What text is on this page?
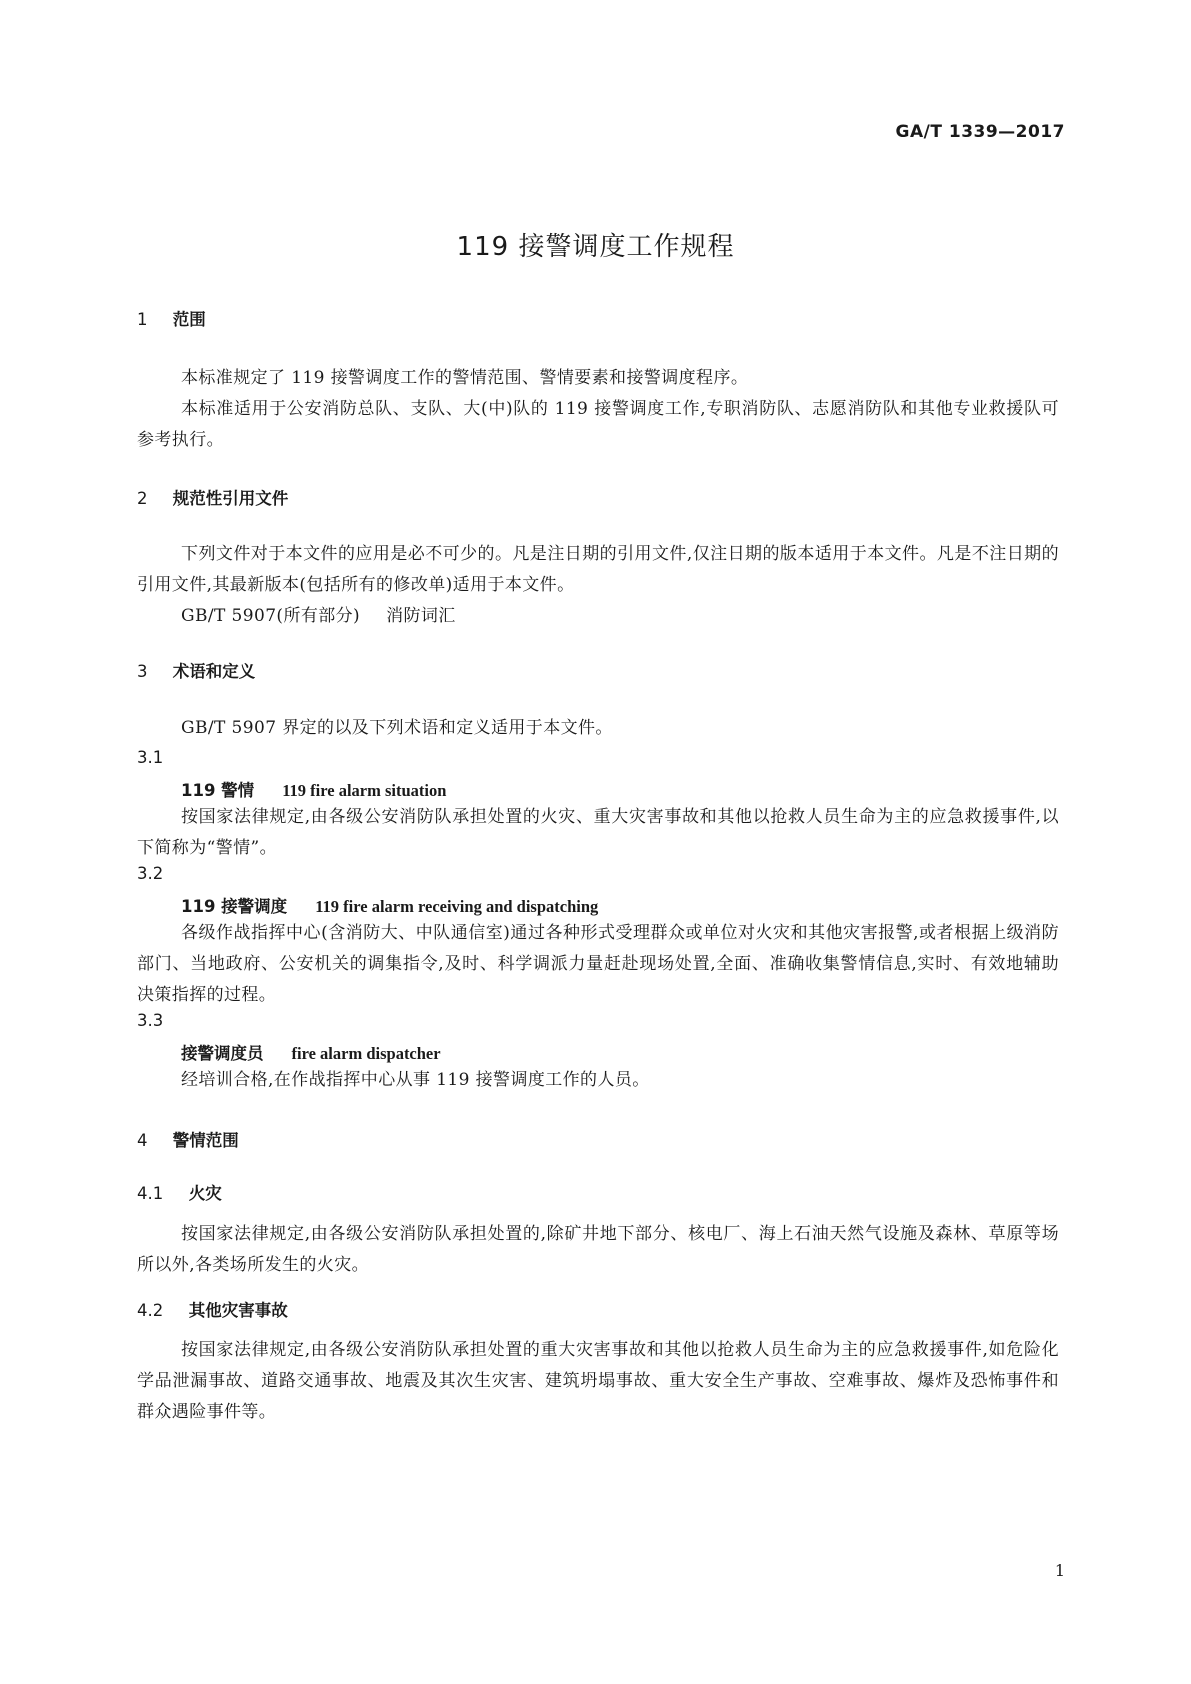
GA/T 1339—2017
119 接警调度工作规程
1 范围
本标准规定了 119 接警调度工作的警情范围、警情要素和接警调度程序。
本标准适用于公安消防总队、支队、大(中)队的 119 接警调度工作,专职消防队、志愿消防队和其他专业救援队可参考执行。
2 规范性引用文件
下列文件对于本文件的应用是必不可少的。凡是注日期的引用文件,仅注日期的版本适用于本文件。凡是不注日期的引用文件,其最新版本(包括所有的修改单)适用于本文件。
GB/T 5907(所有部分) 消防词汇
3 术语和定义
GB/T 5907 界定的以及下列术语和定义适用于本文件。
3.1
119 警情 119 fire alarm situation
按国家法律规定,由各级公安消防队承担处置的火灾、重大灾害事故和其他以抢救人员生命为主的应急救援事件,以下简称为“警情”。
3.2
119 接警调度 119 fire alarm receiving and dispatching
各级作战指挥中心(含消防大、中队通信室)通过各种形式受理群众或单位对火灾和其他灾害报警,或者根据上级消防部门、当地政府、公安机关的调集指令,及时、科学调派力量赶赴现场处置,全面、准确收集警情信息,实时、有效地辅助决策指挥的过程。
3.3
接警调度员 fire alarm dispatcher
经培训合格,在作战指挥中心从事 119 接警调度工作的人员。
4 警情范围
4.1 火灾
按国家法律规定,由各级公安消防队承担处置的,除矿井地下部分、核电厂、海上石油天然气设施及森林、草原等场所以外,各类场所发生的火灾。
4.2 其他灾害事故
按国家法律规定,由各级公安消防队承担处置的重大灾害事故和其他以抢救人员生命为主的应急救援事件,如危险化学品泄漏事故、道路交通事故、地震及其次生灾害、建筑坍塌事故、重大安全生产事故、空难事故、爆炸及恐怖事件和群众遇险事件等。
1
